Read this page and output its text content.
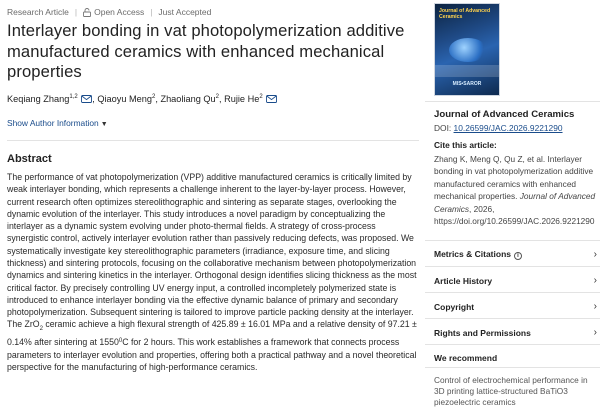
Research Article | Open Access | Just Accepted
Interlayer bonding in vat photopolymerization additive manufactured ceramics with enhanced mechanical properties
Keqiang Zhang$^{1,2}$ , Qiaoyu Meng$^2$, Zhaoliang Qu$^2$, Rujie He$^2$
Show Author Information ▼
Abstract

The performance of vat photopolymerization (VPP) additive manufactured ceramics is critically limited by weak interlayer bonding, which represents a challenge inherent to the layer-by-layer process. However, current research often optimizes stereolithographic and sintering as separate stages, overlooking the dynamic evolution of the interlayer. This study introduces a novel paradigm by conceptualizing the interlayer as a dynamic system evolving under photo-thermal fields. A strategy of cross-process synergistic control, actively interlayer evolution rather than passively reducing defects, was proposed. We systematically investigate key stereolithographic parameters (irradiance, exposure time, and slicing thickness) and sintering protocols, focusing on the collaborative mechanism between photopolymerization dynamics and sintering kinetics in the interlayer. Orthogonal design identifies slicing thickness as the most critical factor. By precisely controlling UV energy input, a controlled incompletely polymerized state is introduced to enhance interlayer bonding via the effective dynamic balance of primary and secondary photopolymerization. Subsequent sintering is tailored to improve particle packing density at the interlayer. The ZrO$_2$ ceramic achieve a high flexural strength of 425.89 ± 16.01 MPa and a relative density of 97.21 ± 0.14% after sintering at 1550$^0$C for 2 hours. This work establishes a framework that connects process parameters to interlayer evolution and properties, offering both a practical pathway and a novel theoretical perspective for the manufacturing of high-performance ceramics.

Journal of Advanced Ceramics
MIS•SAROR
Journal of Advanced Ceramics
DOI: 10.26599/JAC.2026.9221290
Cite this article:
Zhang K, Meng Q, Qu Z, et al. Interlayer bonding in vat photopolymerization additive manufactured ceramics with enhanced mechanical properties. Journal of Advanced Ceramics, 2026, https://doi.org/10.26599/JAC.2026.9221290
Metrics & Citations i	›
Article History	›
Copyright	›
Rights and Permissions	›
We recommend
Control of electrochemical performance in 3D printing lattice-structured BaTiO3 piezoelectric ceramics
